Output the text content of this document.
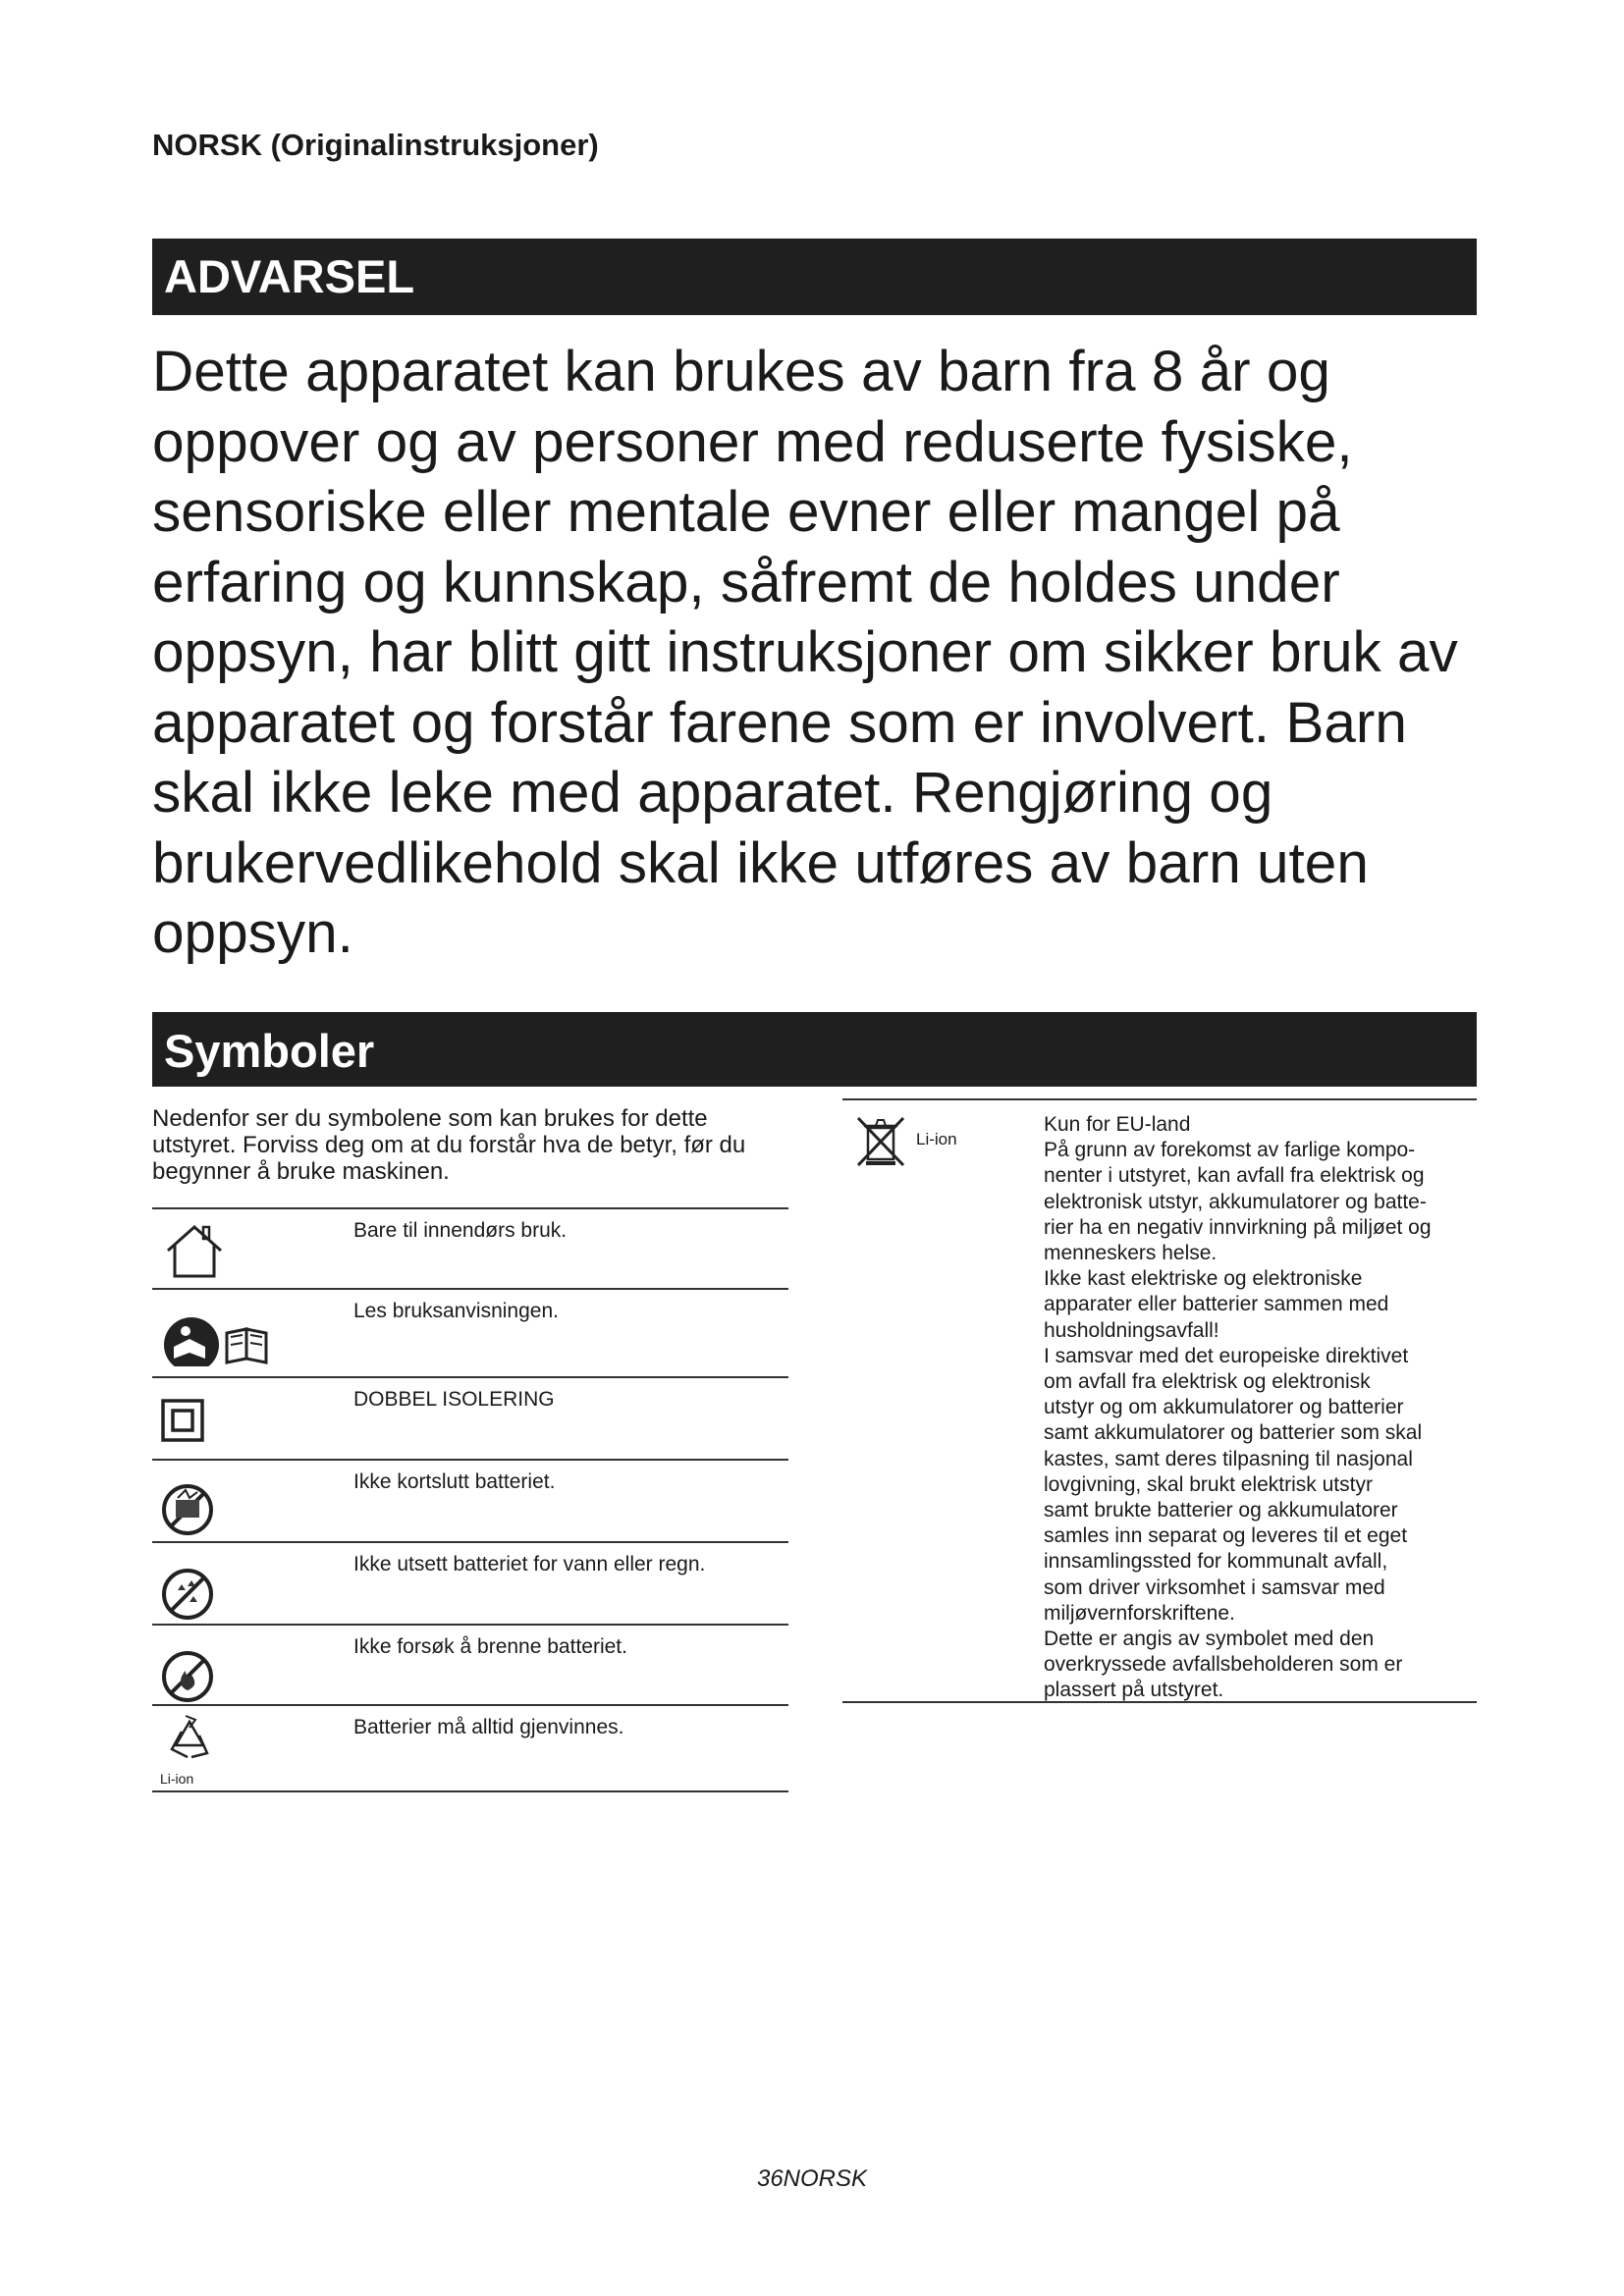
NORSK (Originalinstruksjoner)
ADVARSEL

Dette apparatet kan brukes av barn fra 8 år og oppover og av personer med reduserte fysiske, sensoriske eller mentale evner eller mangel på erfaring og kunnskap, såfremt de holdes under oppsyn, har blitt gitt instruksjoner om sikker bruk av apparatet og forstår farene som er involvert. Barn skal ikke leke med apparatet. Rengjøring og brukervedlikehold skal ikke utføres av barn uten oppsyn.

Symboler

Nedenfor ser du symbolene som kan brukes for dette utstyret. Forviss deg om at du forstår hva de betyr, før du begynner å bruke maskinen.

Bare til innendørs bruk.
Les bruksanvisningen.
DOBBEL ISOLERING
Ikke kortslutt batteriet.
Ikke utsett batteriet for vann eller regn.
Ikke forsøk å brenne batteriet.
Li-ion
Batterier må alltid gjenvinnes.
Li-ion

Kun for EU-land
På grunn av forekomst av farlige kompo-
nenter i utstyret, kan avfall fra elektrisk og
elektronisk utstyr, akkumulatorer og batte-
rier ha en negativ innvirkning på miljøet og
menneskers helse.
Ikke kast elektriske og elektroniske
apparater eller batterier sammen med
husholdningsavfall!
I samsvar med det europeiske direktivet
om avfall fra elektrisk og elektronisk
utstyr og om akkumulatorer og batterier
samt akkumulatorer og batterier som skal
kastes, samt deres tilpasning til nasjonal
lovgivning, skal brukt elektrisk utstyr
samt brukte batterier og akkumulatorer
samles inn separat og leveres til et eget
innsamlingssted for kommunalt avfall,
som driver virksomhet i samsvar med
miljøvernforskriftene.
Dette er angis av symbolet med den
overkryssede avfallsbeholderen som er
plassert på utstyret.

36NORSK
